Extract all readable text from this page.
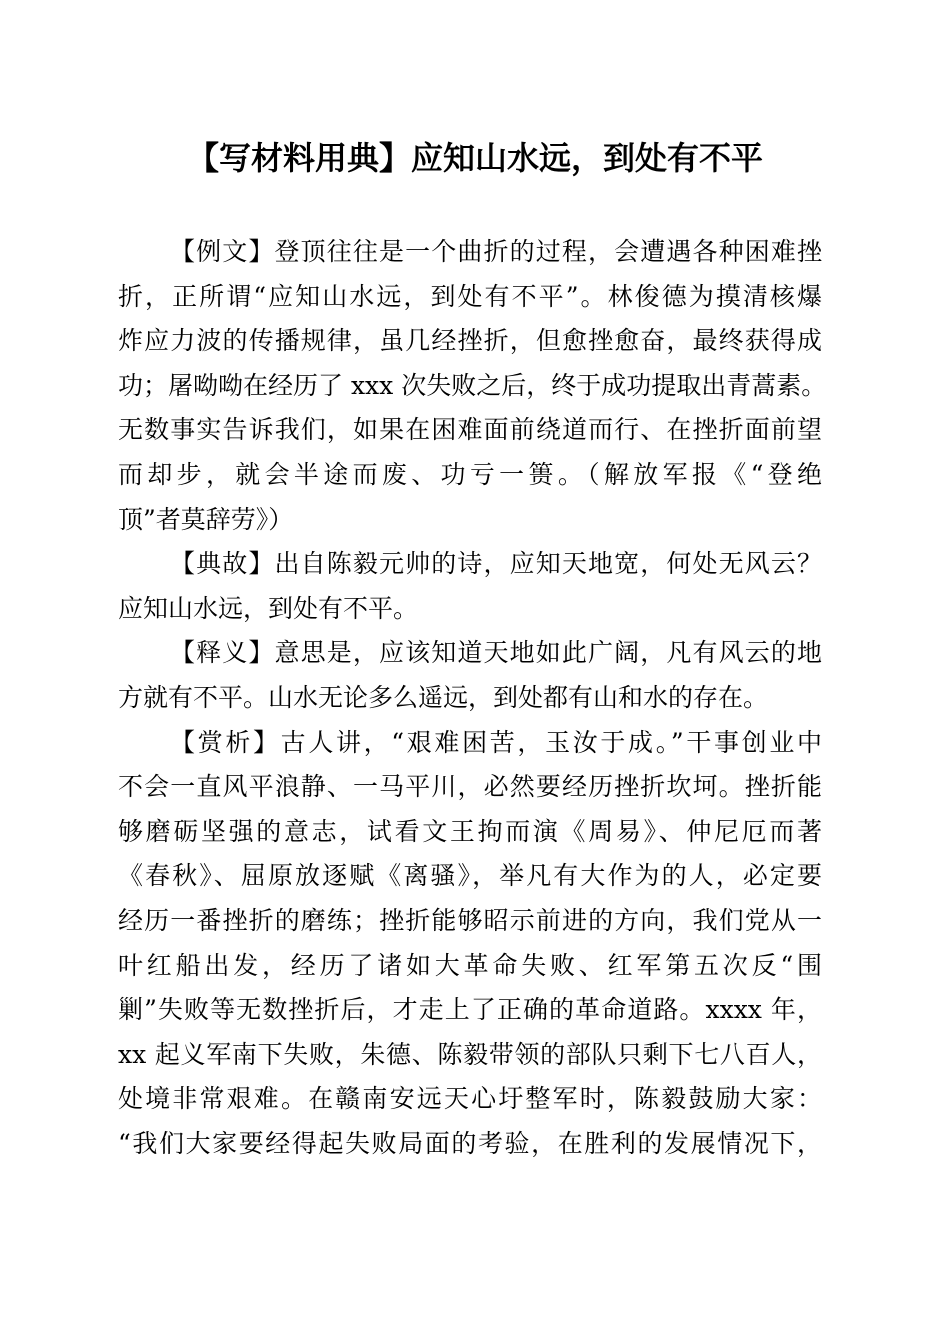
【写材料用典】应知山水远，到处有不平
【例文】登顶往往是一个曲折的过程，会遭遇各种困难挫
折，正所谓“应知山水远，到处有不平”。林俊德为摸清核爆
炸应力波的传播规律，虽几经挫折，但愈挫愈奋，最终获得成
功；屠呦呦在经历了 xxx 次失败之后，终于成功提取出青蒿素。
无数事实告诉我们，如果在困难面前绕道而行、在挫折面前望
而却步，就会半途而废、功亏一篑。（解放军报《“登绝
顶”者莫辞劳》）
【典故】出自陈毅元帅的诗，应知天地宽，何处无风云？
应知山水远，到处有不平。
【释义】意思是，应该知道天地如此广阔，凡有风云的地
方就有不平。山水无论多么遥远，到处都有山和水的存在。
【赏析】古人讲，“艰难困苦，玉汝于成。”干事创业中
不会一直风平浪静、一马平川，必然要经历挫折坎坷。挫折能
够磨砺坚强的意志，试看文王拘而演《周易》、仲尼厄而著
《春秋》、屈原放逐赋《离骚》，举凡有大作为的人，必定要
经历一番挫折的磨练；挫折能够昭示前进的方向，我们党从一
叶红船出发，经历了诸如大革命失败、红军第五次反“围
剿”失败等无数挫折后，才走上了正确的革命道路。xxxx 年，
xx 起义军南下失败，朱德、陈毅带领的部队只剩下七八百人，
处境非常艰难。在赣南安远天心圩整军时，陈毅鼓励大家：
“我们大家要经得起失败局面的考验，在胜利的发展情况下，
